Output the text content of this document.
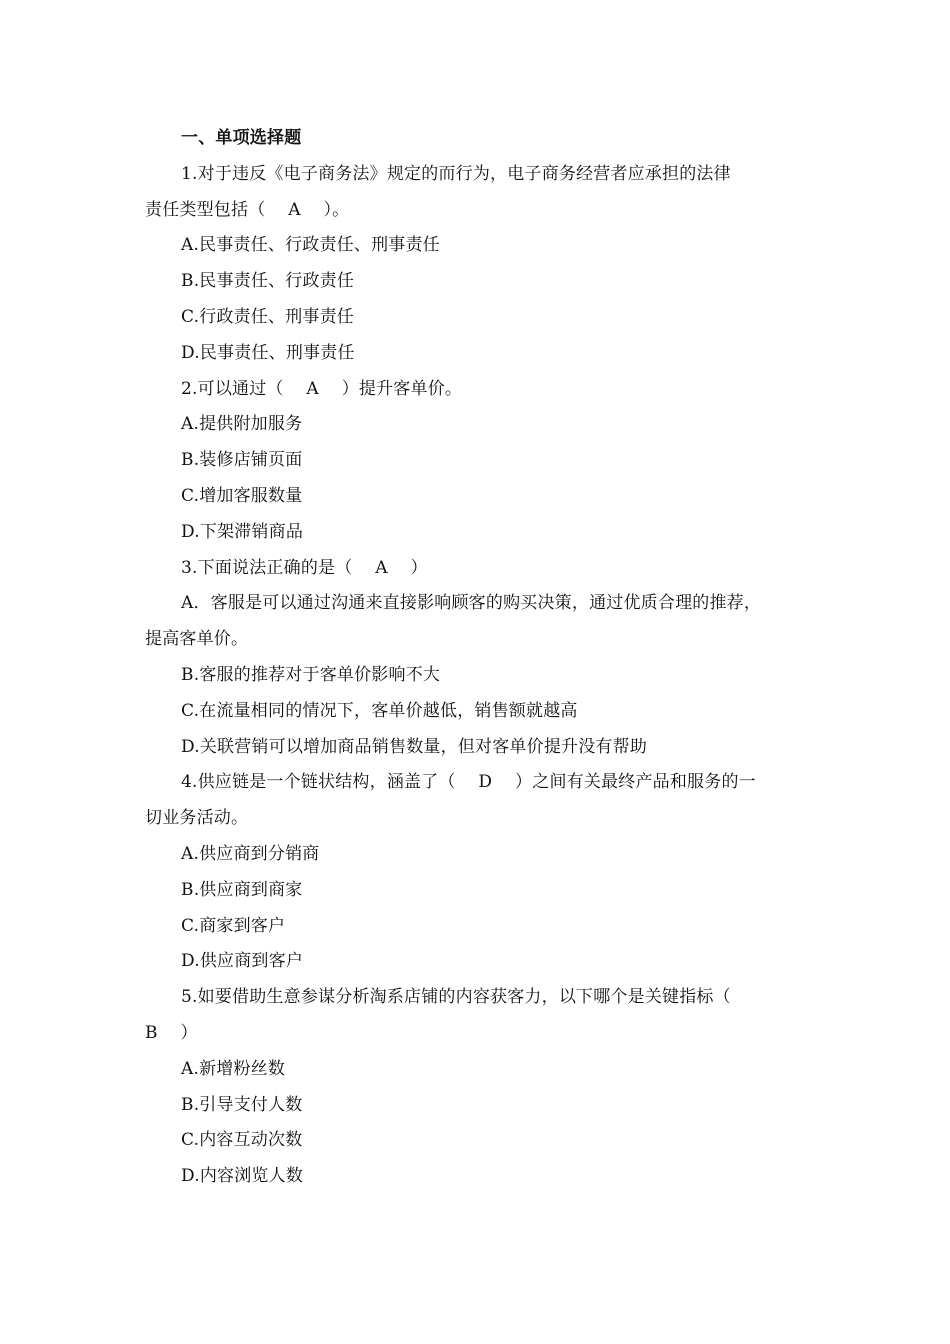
一、单项选择题
1.对于违反《电子商务法》规定的而行为，电子商务经营者应承担的法律
责任类型包括（　 A　 ）。
A.民事责任、行政责任、刑事责任
B.民事责任、行政责任
C.行政责任、刑事责任
D.民事责任、刑事责任
2.可以通过（　 A　 ）提升客单价。
A.提供附加服务
B.装修店铺页面
C.增加客服数量
D.下架滞销商品
3.下面说法正确的是（　 A　 ）
A．客服是可以通过沟通来直接影响顾客的购买决策，通过优质合理的推荐，
提高客单价。
B.客服的推荐对于客单价影响不大
C.在流量相同的情况下，客单价越低，销售额就越高
D.关联营销可以增加商品销售数量，但对客单价提升没有帮助
4.供应链是一个链状结构，涵盖了（　 D　 ）之间有关最终产品和服务的一
切业务活动。
A.供应商到分销商
B.供应商到商家
C.商家到客户
D.供应商到客户
5.如要借助生意参谋分析淘系店铺的内容获客力，以下哪个是关键指标（
B　 ）
A.新增粉丝数
B.引导支付人数
C.内容互动次数
D.内容浏览人数
